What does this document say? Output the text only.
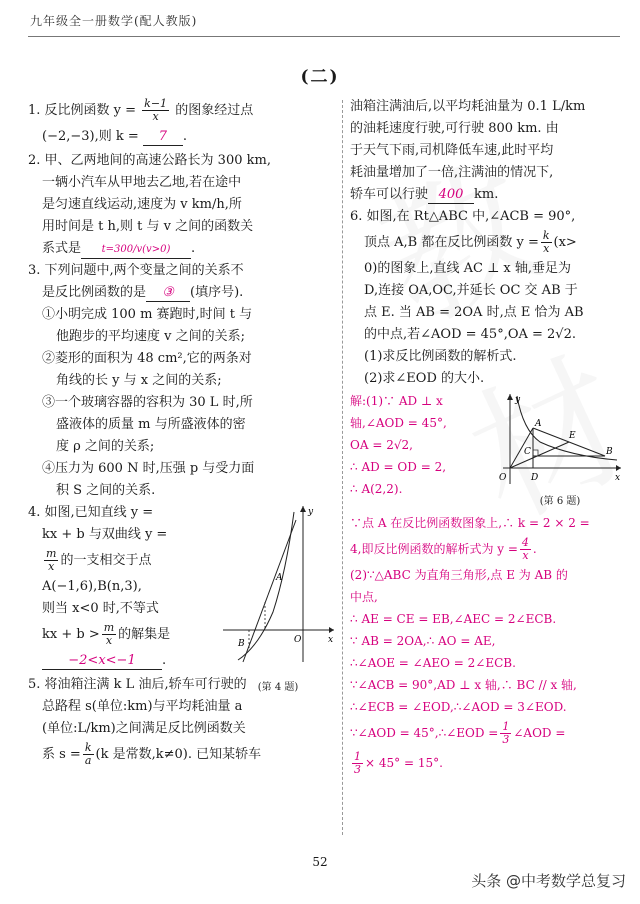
九年级全一册数学(配人教版)
(二)

1. 反比例函数 $y = \frac{k-1}{x}$ 的图象经过点

(−2,−3),则 k = 7 .

2. 甲、乙两地间的高速公路长为 300 km,

一辆小汽车从甲地去乙地,若在途中

是匀速直线运动,速度为 v km/h,所

用时间是 t h,则 t 与 v 之间的函数关

系式是 t=300/v(v>0) .

3. 下列问题中,两个变量之间的关系不

是反比例函数的是 ③ (填序号).

①小明完成 100 m 赛跑时,时间 t 与

他跑步的平均速度 v 之间的关系;

②菱形的面积为 48 cm²,它的两条对

角线的长 y 与 x 之间的关系;

③一个玻璃容器的容积为 30 L 时,所

盛液体的质量 m 与所盛液体的密

度 ρ 之间的关系;

④压力为 600 N 时,压强 p 与受力面

积 S 之间的关系.

4. 如图,已知直线 y =

kx + b 与双曲线 y =

$\frac{m}{x}$ 的一支相交于点

A(−1,6),B(n,3),

则当 x<0 时,不等式

kx + $b > \frac{m}{x}$ 的解集是

−2<x<−1 .

y
x
O
A
B
(第 4 题)

5. 将油箱注满 k L 油后,轿车可行驶的

总路程 s(单位:km)与平均耗油量 a

(单位:L/km)之间满足反比例函数关

系 $s = \frac{k}{a} (k$ 是常数,k≠0). 已知某轿车

油箱注满油后,以平均耗油量为 0.1 L/km

的油耗速度行驶,可行驶 800 km. 由

于天气下雨,司机降低车速,此时平均

耗油量增加了一倍,注满油的情况下,

轿车可以行驶 400 km.

6. 如图,在 Rt△ABC 中,∠ACB = 90°,

顶点 A,B 都在反比例函数 $y = \frac{k}{x} (x>$

0)的图象上,直线 AC ⊥ x 轴,垂足为

D,连接 OA,OC,并延长 OC 交 AB 于

点 E. 当 AB = 2OA 时,点 E 恰为 AB

的中点,若∠AOD = 45°,OA = 2√2.

(1)求反比例函数的解析式.

(2)求∠EOD 的大小.

y
x
O
A
B
C
D
E
(第 6 题)

解:(1)∵ AD ⊥ x

轴,∠AOD = 45°,

OA = 2√2,

∴ AD = OD = 2,

∴ A(2,2).

∵点 A 在反比例函数图象上,∴ k = 2 × 2 =

4,即反比例函数的解析式为 $y = \frac{4}{x}$ .

(2)∵△ABC 为直角三角形,点 E 为 AB 的

中点,

∴ AE = CE = EB,∠AEC = 2∠ECB.

∵ AB = 2OA,∴ AO = AE,

∴∠AOE = ∠AEO = 2∠ECB.

∵∠ACB = 90°,AD ⊥ x 轴,∴ BC // x 轴,

∴∠ECB = ∠EOD,∴∠AOD = 3∠EOD.

∵∠AOD = 45°,∴∠EOD = $\frac{1}{3}$ ∠AOD =

$\frac{1}{3} \times 45^\circ = 15^\circ$.

52
头条 @中考数学总复习
